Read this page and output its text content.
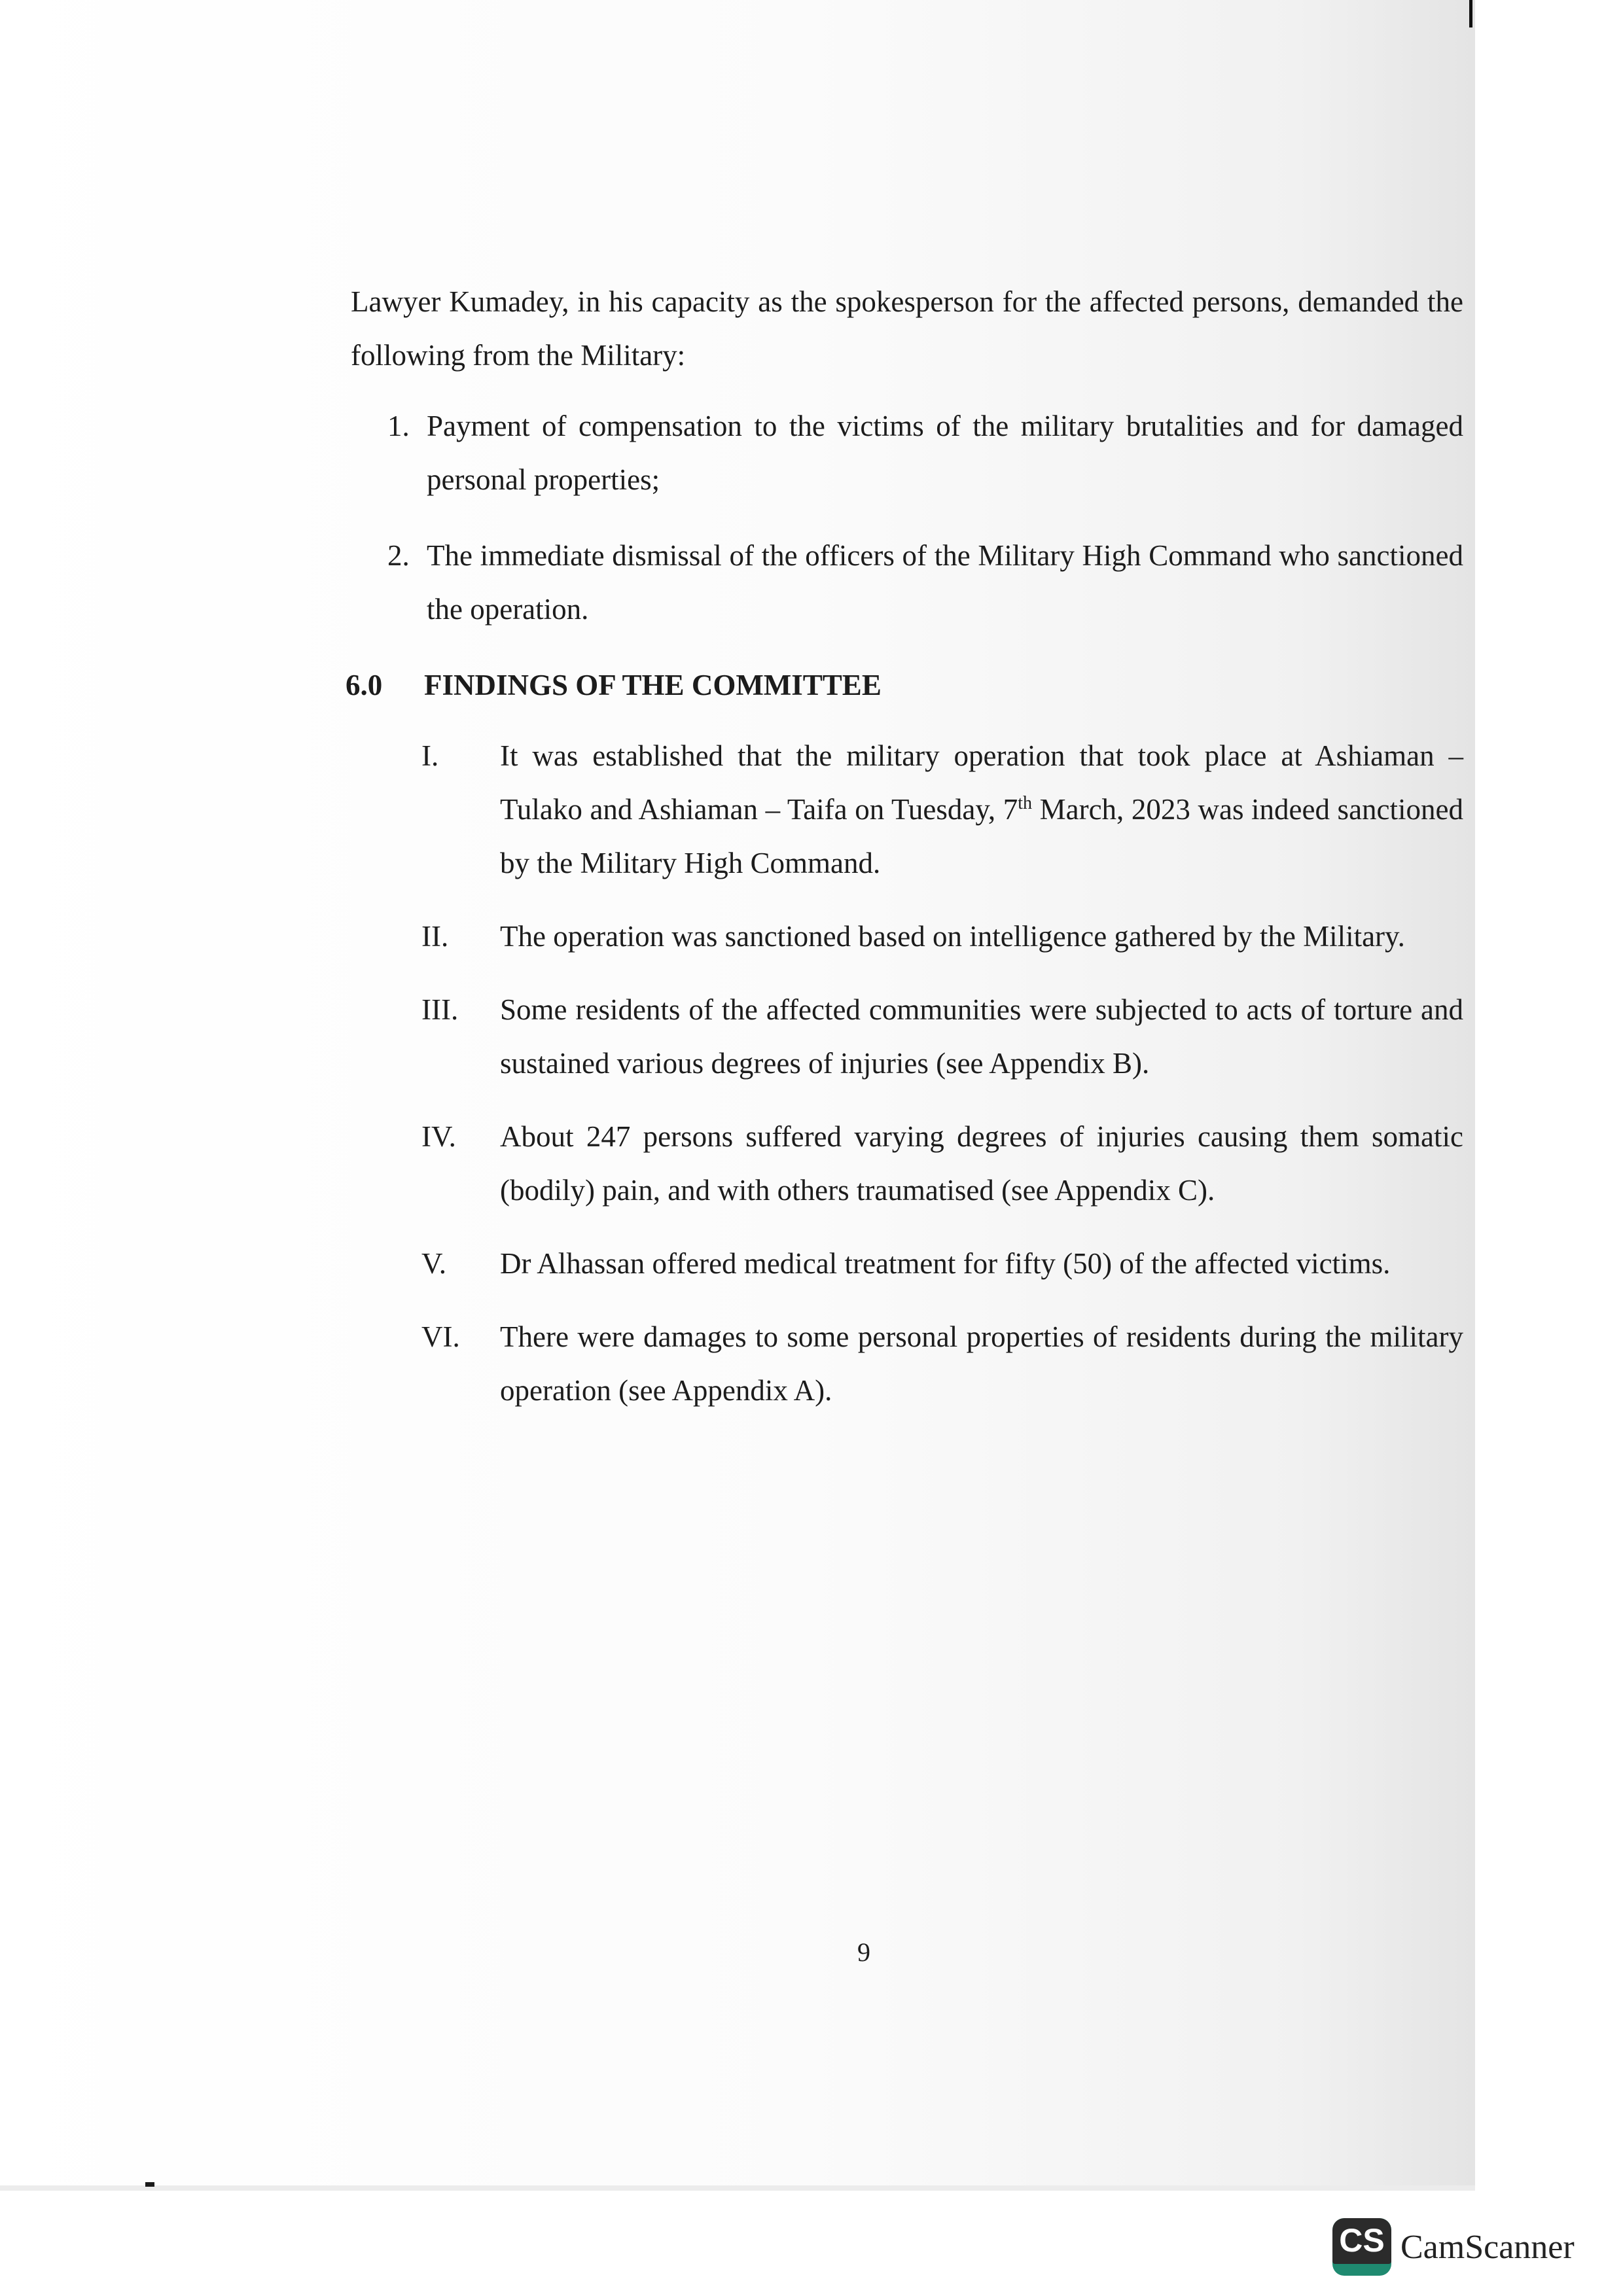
Lawyer Kumadey, in his capacity as the spokesperson for the affected persons, demanded the following from the Military:

1. Payment of compensation to the victims of the military brutalities and for damaged personal properties;
2. The immediate dismissal of the officers of the Military High Command who sanctioned the operation.
6.0	FINDINGS OF THE COMMITTEE
I.	It was established that the military operation that took place at Ashiaman – Tulako and Ashiaman – Taifa on Tuesday, 7th March, 2023 was indeed sanctioned by the Military High Command.
II.	The operation was sanctioned based on intelligence gathered by the Military.
III.	Some residents of the affected communities were subjected to acts of torture and sustained various degrees of injuries (see Appendix B).
IV.	About 247 persons suffered varying degrees of injuries causing them somatic (bodily) pain, and with others traumatised (see Appendix C).
V.	Dr Alhassan offered medical treatment for fifty (50) of the affected victims.
VI.	There were damages to some personal properties of residents during the military operation (see Appendix A).
9
CS CamScanner
